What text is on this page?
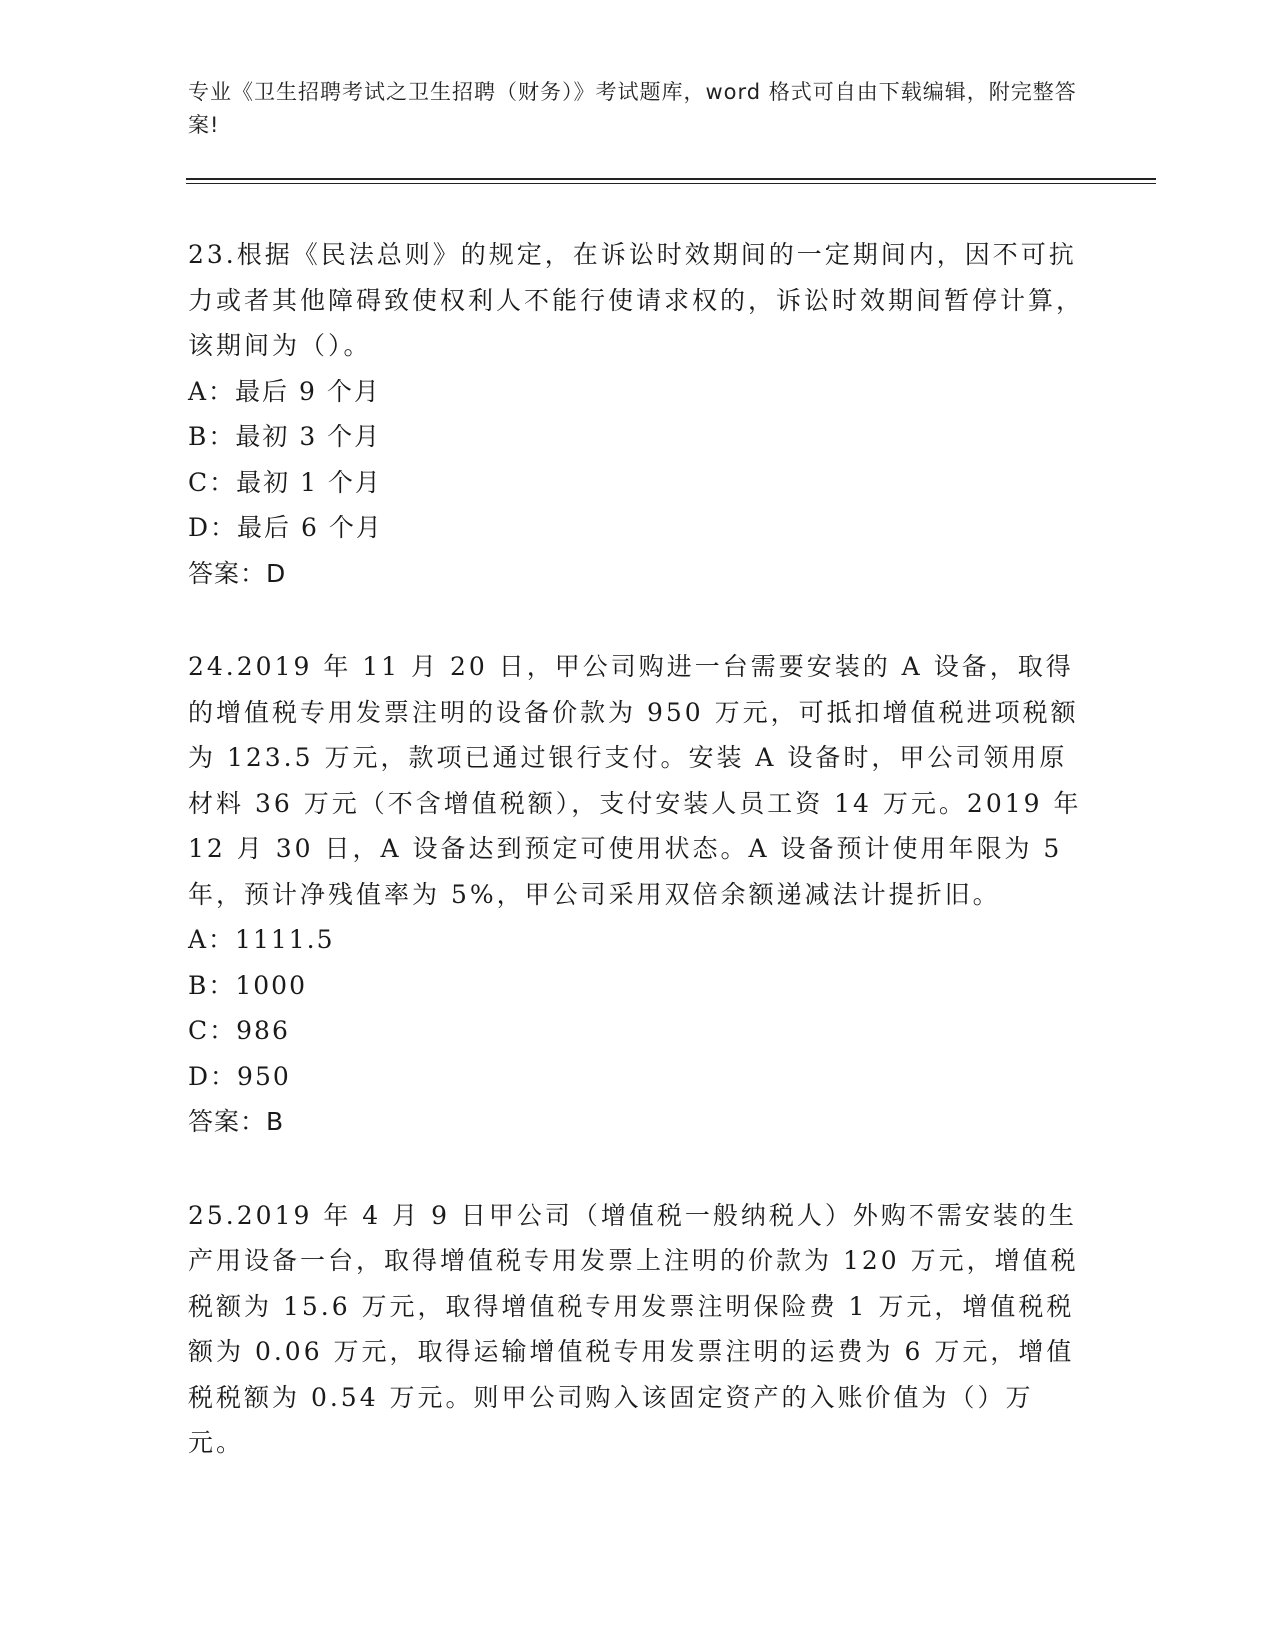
专业《卫生招聘考试之卫生招聘（财务）》考试题库，word 格式可自由下载编辑，附完整答案!

23.根据《民法总则》的规定，在诉讼时效期间的一定期间内，因不可抗力或者其他障碍致使权利人不能行使请求权的，诉讼时效期间暂停计算，该期间为（）。

A：最后 9 个月

B：最初 3 个月

C：最初 1 个月

D：最后 6 个月

答案：D

24.2019 年 11 月 20 日，甲公司购进一台需要安装的 A 设备，取得的增值税专用发票注明的设备价款为 950 万元，可抵扣增值税进项税额为 123.5 万元，款项已通过银行支付。安装 A 设备时，甲公司领用原材料 36 万元（不含增值税额），支付安装人员工资 14 万元。2019 年 12 月 30 日，A 设备达到预定可使用状态。A 设备预计使用年限为 5 年，预计净残值率为 5%，甲公司采用双倍余额递减法计提折旧。

A：1111.5

B：1000

C：986

D：950

答案：B

25.2019 年 4 月 9 日甲公司（增值税一般纳税人）外购不需安装的生产用设备一台，取得增值税专用发票上注明的价款为 120 万元，增值税税额为 15.6 万元，取得增值税专用发票注明保险费 1 万元，增值税税额为 0.06 万元，取得运输增值税专用发票注明的运费为 6 万元，增值税税额为 0.54 万元。则甲公司购入该固定资产的入账价值为（）万元。
